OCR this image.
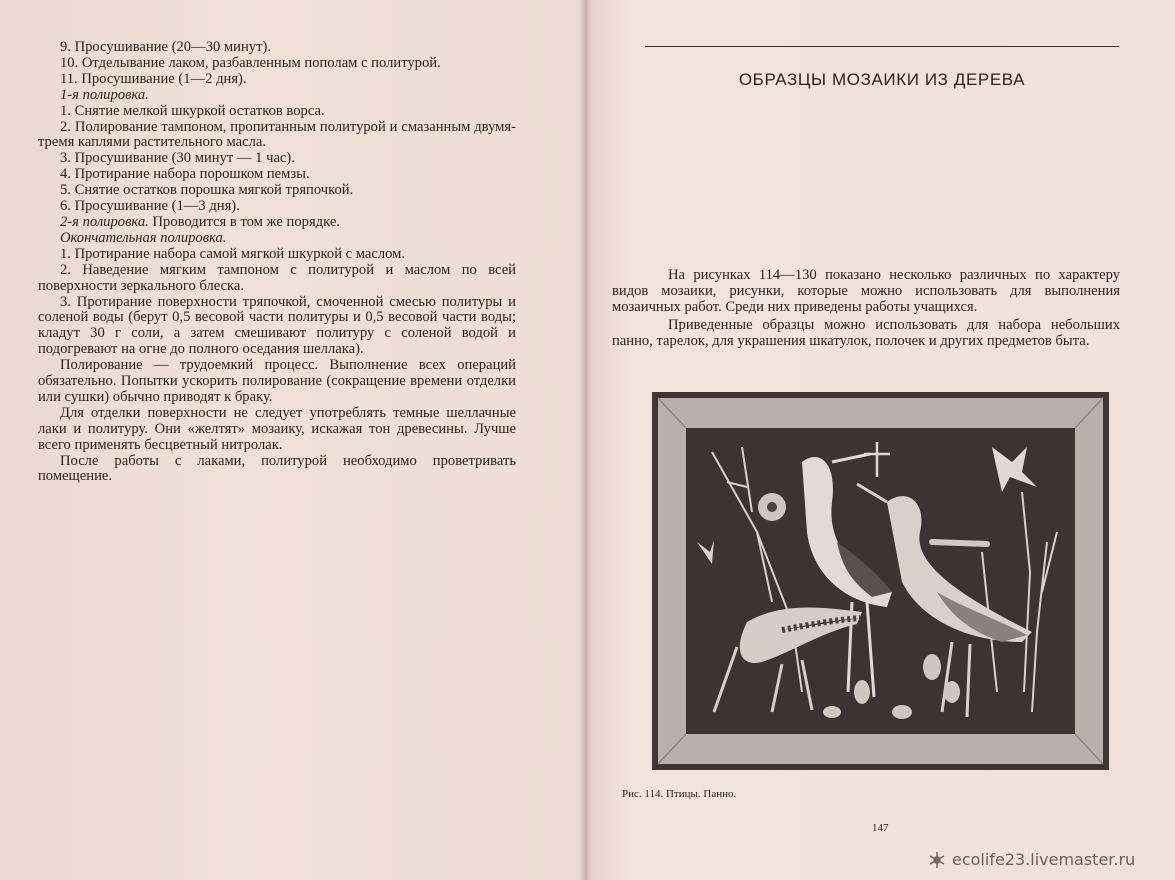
9. Просушивание (20—30 минут).

10. Отделывание лаком, разбавленным пополам с политурой.

11. Просушивание (1—2 дня).

1-я полировка.

1. Снятие мелкой шкуркой остатков ворса.

2. Полирование тампоном, пропитанным политурой и смазанным двумя-тремя каплями растительного масла.

3. Просушивание (30 минут — 1 час).

4. Протирание набора порошком пемзы.

5. Снятие остатков порошка мягкой тряпочкой.

6. Просушивание (1—3 дня).

2-я полировка. Проводится в том же порядке.

Окончательная полировка.

1. Протирание набора самой мягкой шкуркой с маслом.

2. Наведение мягким тампоном с политурой и маслом по всей поверхности зеркального блеска.

3. Протирание поверхности тряпочкой, смоченной смесью политуры и соленой воды (берут 0,5 весовой части политуры и 0,5 весовой части воды; кладут 30 г соли, а затем смешивают политуру с соленой водой и подогревают на огне до полного оседания шеллака).

Полирование — трудоемкий процесс. Выполнение всех операций обязательно. Попытки ускорить полирование (сокращение времени отделки или сушки) обычно приводят к браку.

Для отделки поверхности не следует употреблять темные шеллачные лаки и политуру. Они «желтят» мозаику, искажая тон древесины. Лучше всего применять бесцветный нитролак.

После работы с лаками, политурой необходимо проветривать помещение.

ОБРАЗЦЫ МОЗАИКИ ИЗ ДЕРЕВА

На рисунках 114—130 показано несколько различных по характеру видов мозаики, рисунки, которые можно использовать для выполнения мозаичных работ. Среди них приведены работы учащихся.

Приведенные образцы можно использовать для набора небольших панно, тарелок, для украшения шкатулок, полочек и других предметов быта.

Рис. 114. Птицы. Панно.
147
ecolife23.livemaster.ru
